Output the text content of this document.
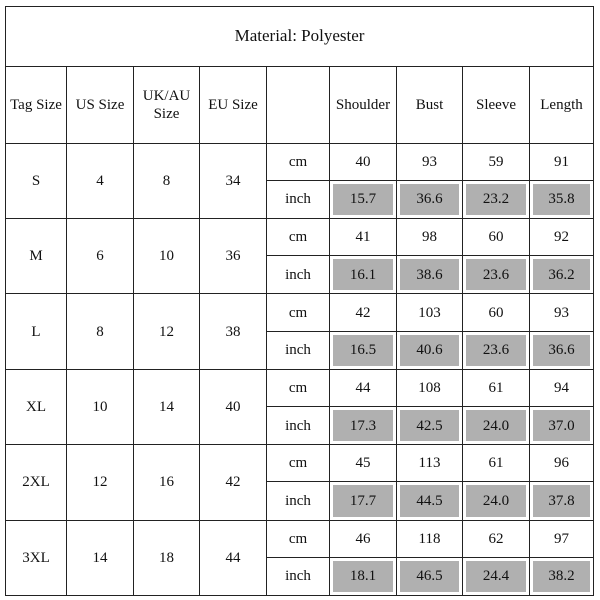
Material: Polyester								
Tag Size	US Size	UK/AU Size	EU Size		Shoulder	Bust	Sleeve	Length
S	4	8	34	cm	40	93	59	91
				inch	15.7	36.6	23.2	35.8

M	6	10	36	cm	41	98	60	92
				inch	16.1	38.6	23.6	36.2

L	8	12	38	cm	42	103	60	93
				inch	16.5	40.6	23.6	36.6

XL	10	14	40	cm	44	108	61	94
				inch	17.3	42.5	24.0	37.0

2XL	12	16	42	cm	45	113	61	96
				inch	17.7	44.5	24.0	37.8

3XL	14	18	44	cm	46	118	62	97
				inch	18.1	46.5	24.4	38.2
